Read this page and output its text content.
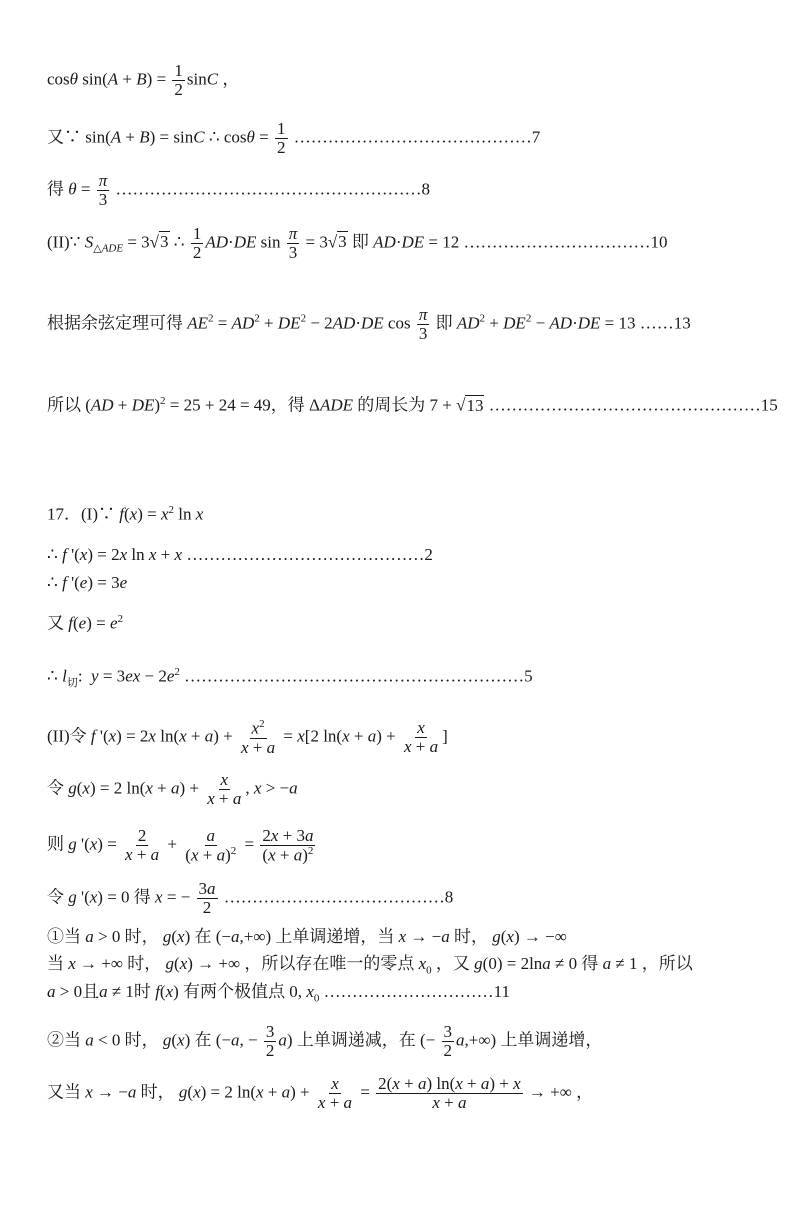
cosθ $\sin(A + B) = \frac{1}{2}$ sinC ，
又∵ sin(A + B) = sinC ∴ $\cos\theta = \frac{1}{2}$ ……………………………………7
得 $\theta = \frac{\pi}{3}$ ………………………………………………8
(II)∵ $S_{\triangle ADE} = 3√3$ ∴ $\frac{1}{2} AD\cdot DE$ $\sin \frac{\pi}{3} = 3√3$ 即 AD·DE = 12 ……………………………10
根据余弦定理可得 $AE^2 = AD^2 + DE^2 - 2AD\cdot DE$ $\cos \frac{\pi}{3}$ 即 $AD^2 + DE^2 - AD\cdot DE = 13$ ……13
所以 (AD + DE)$^2$ = 25 + 24 = 49，得 ΔADE 的周长为 7 + √13 …………………………………………15
17．(I)∵ $f(x) = x^2$ ln x
∴ f '(x) = 2x ln x + x ……………………………………2
∴ f '(e) = 3e
又 $f(e) = e^2$
∴ $l_切$:  $y = 3ex - 2e^2$ ……………………………………………………5
(II)令 f '(x) = 2x $\ln(x + a) + \frac{x^2}{x + a} = x[2$ $\ln(x + a) + \frac{x}{x + a}$ ]
令 g(x) = 2 $\ln(x + a) + \frac{x}{x + a}$ , x > −a
则 g '$(x) = \frac{2}{x + a} + \frac{a}{(x + a)^2} = \frac{2x + 3a}{(x + a)^2}$
令 g '(x) = 0 得 x = − $\frac{3a}{2}$ …………………………………8
①当 a > 0 时， g(x) 在 (−a,+∞) 上单调递增，当 x → −a 时， g(x) → −∞
当 x → +∞ 时， g(x) → +∞ ，所以存在唯一的零点 $x_0$ ，又 g(0) = 2lna ≠ 0 得 a ≠ 1 ，所以
a > 0且a ≠ 1时 f(x) 有两个极值点 0, $x_0$ …………………………11
②当 a < 0 时， g(x) 在 (−a, − $\frac{3}{2} a$) 上单调递减，在 (− $\frac{3}{2} a,+\infty$) 上单调递增，
又当 x → −a 时， g(x) = 2 $\ln(x + a) + \frac{x}{x + a} = \frac{2(x + a) \ln(x + a) + x}{x + a}$ → +∞ ，
